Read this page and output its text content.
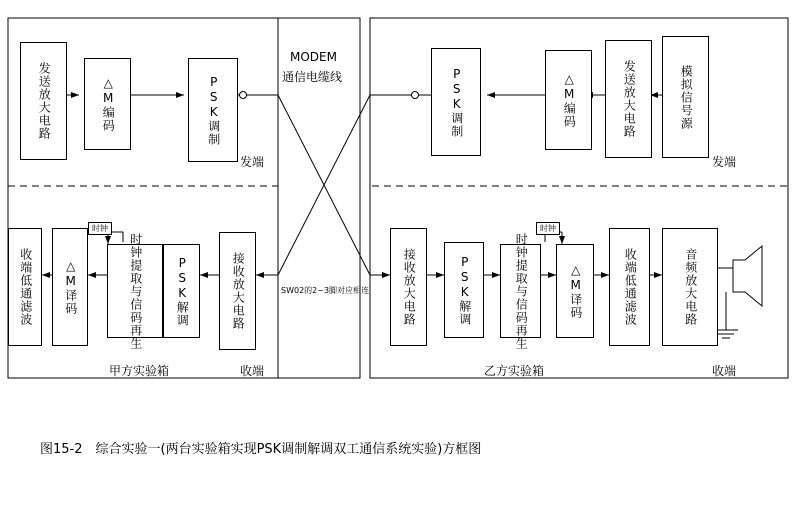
发送放大电路	△M编码	PSK调制	PSK调制	△M编码	发送放大电路	模拟信号源
收端低通滤波	△M译码	时钟提取与信码再生	PSK解调	接收放大电路	接收放大电路	PSK解调	时钟提取与信码再生	△M译码	收端低通滤波	音频放大电路
MODEM
通信电缆线
SW02的2~3脚对应相连
时钟	时钟
发端	发端
甲方实验箱	收端	乙方实验箱	收端
图15-2　综合实验一(两台实验箱实现PSK调制解调双工通信系统实验)方框图
